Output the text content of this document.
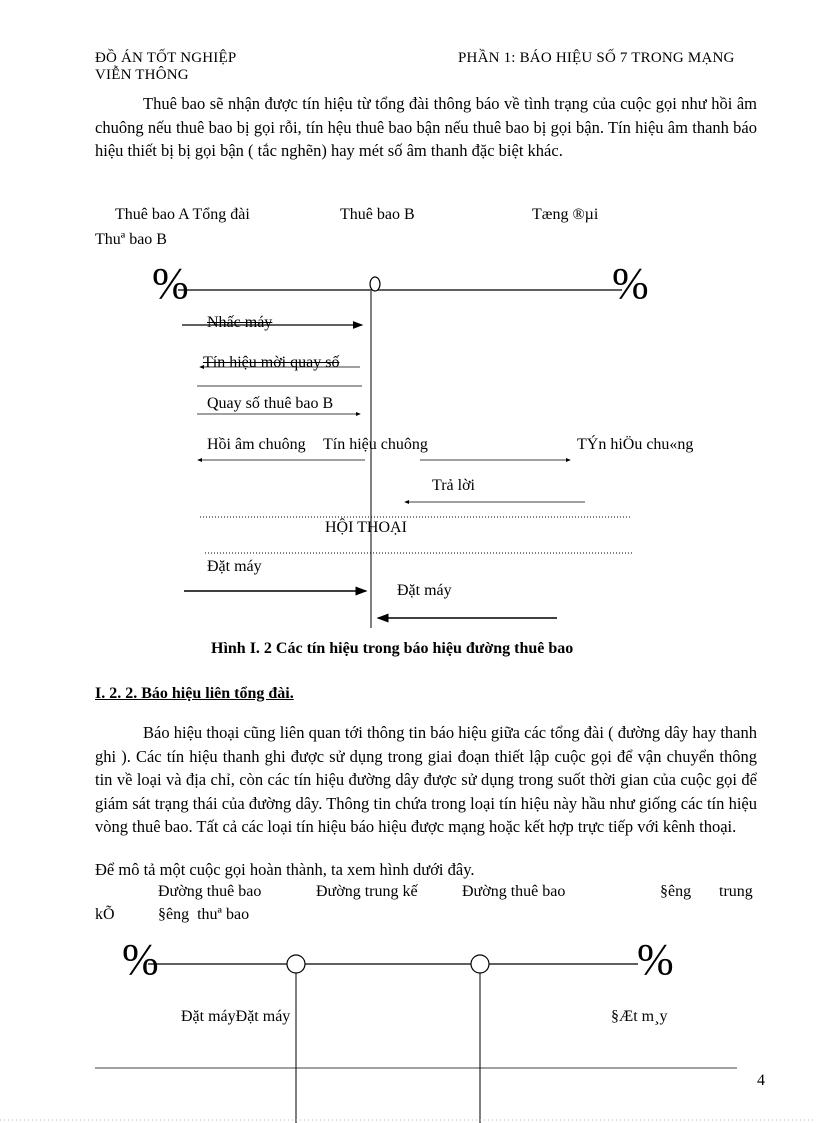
ĐỒ ÁN TỐT NGHIỆP
VIỄN THÔNG
PHẦN 1: BÁO HIỆU SỐ 7 TRONG MẠNG
Thuê bao sẽ nhận được tín hiệu từ tổng đài thông báo về tình trạng của cuộc gọi như hồi âm chuông nếu thuê bao bị gọi rỗi, tín hệu thuê bao bận nếu thuê bao bị gọi bận. Tín hiệu âm thanh báo hiệu thiết bị bị gọi bận ( tắc nghẽn) hay mét số âm thanh đặc biệt khác.
Thuê bao A Tổng đài	Thuê bao B	Tæng ®µi
Thuª bao B
%	%
Nhấc máy
Tín hiệu mời quay số
Quay số thuê bao B
Hồi âm chuông Tín hiệu chuông	TÝn hiÖu chu«ng
Trả lời
HỘI THOẠI
Đặt máy
Đặt máy
Hình I. 2 Các tín hiệu trong báo hiệu đường thuê bao
I. 2. 2. Báo hiệu liên tổng đài.
Báo hiệu thoại cũng liên quan tới thông tin báo hiệu giữa các tổng đài ( đường dây hay thanh ghi ). Các tín hiệu thanh ghi được sử dụng trong giai đoạn thiết lập cuộc gọi để vận chuyển thông tin về loại và địa chỉ, còn các tín hiệu đường dây được sử dụng trong suốt thời gian của cuộc gọi để giám sát trạng thái của đường dây. Thông tin chứa trong loại tín hiệu này hầu như giống các tín hiệu vòng thuê bao. Tất cả các loại tín hiệu báo hiệu được mạng hoặc kết hợp trực tiếp với kênh thoại.
Để mô tả một cuộc gọi hoàn thành, ta xem hình dưới đây.
Đường thuê bao	Đường trung kế	Đường thuê bao	§êng trung
kÕ	§êng  thuª bao
%	%
Đặt máyĐặt máy	§Æt m¸y
4
